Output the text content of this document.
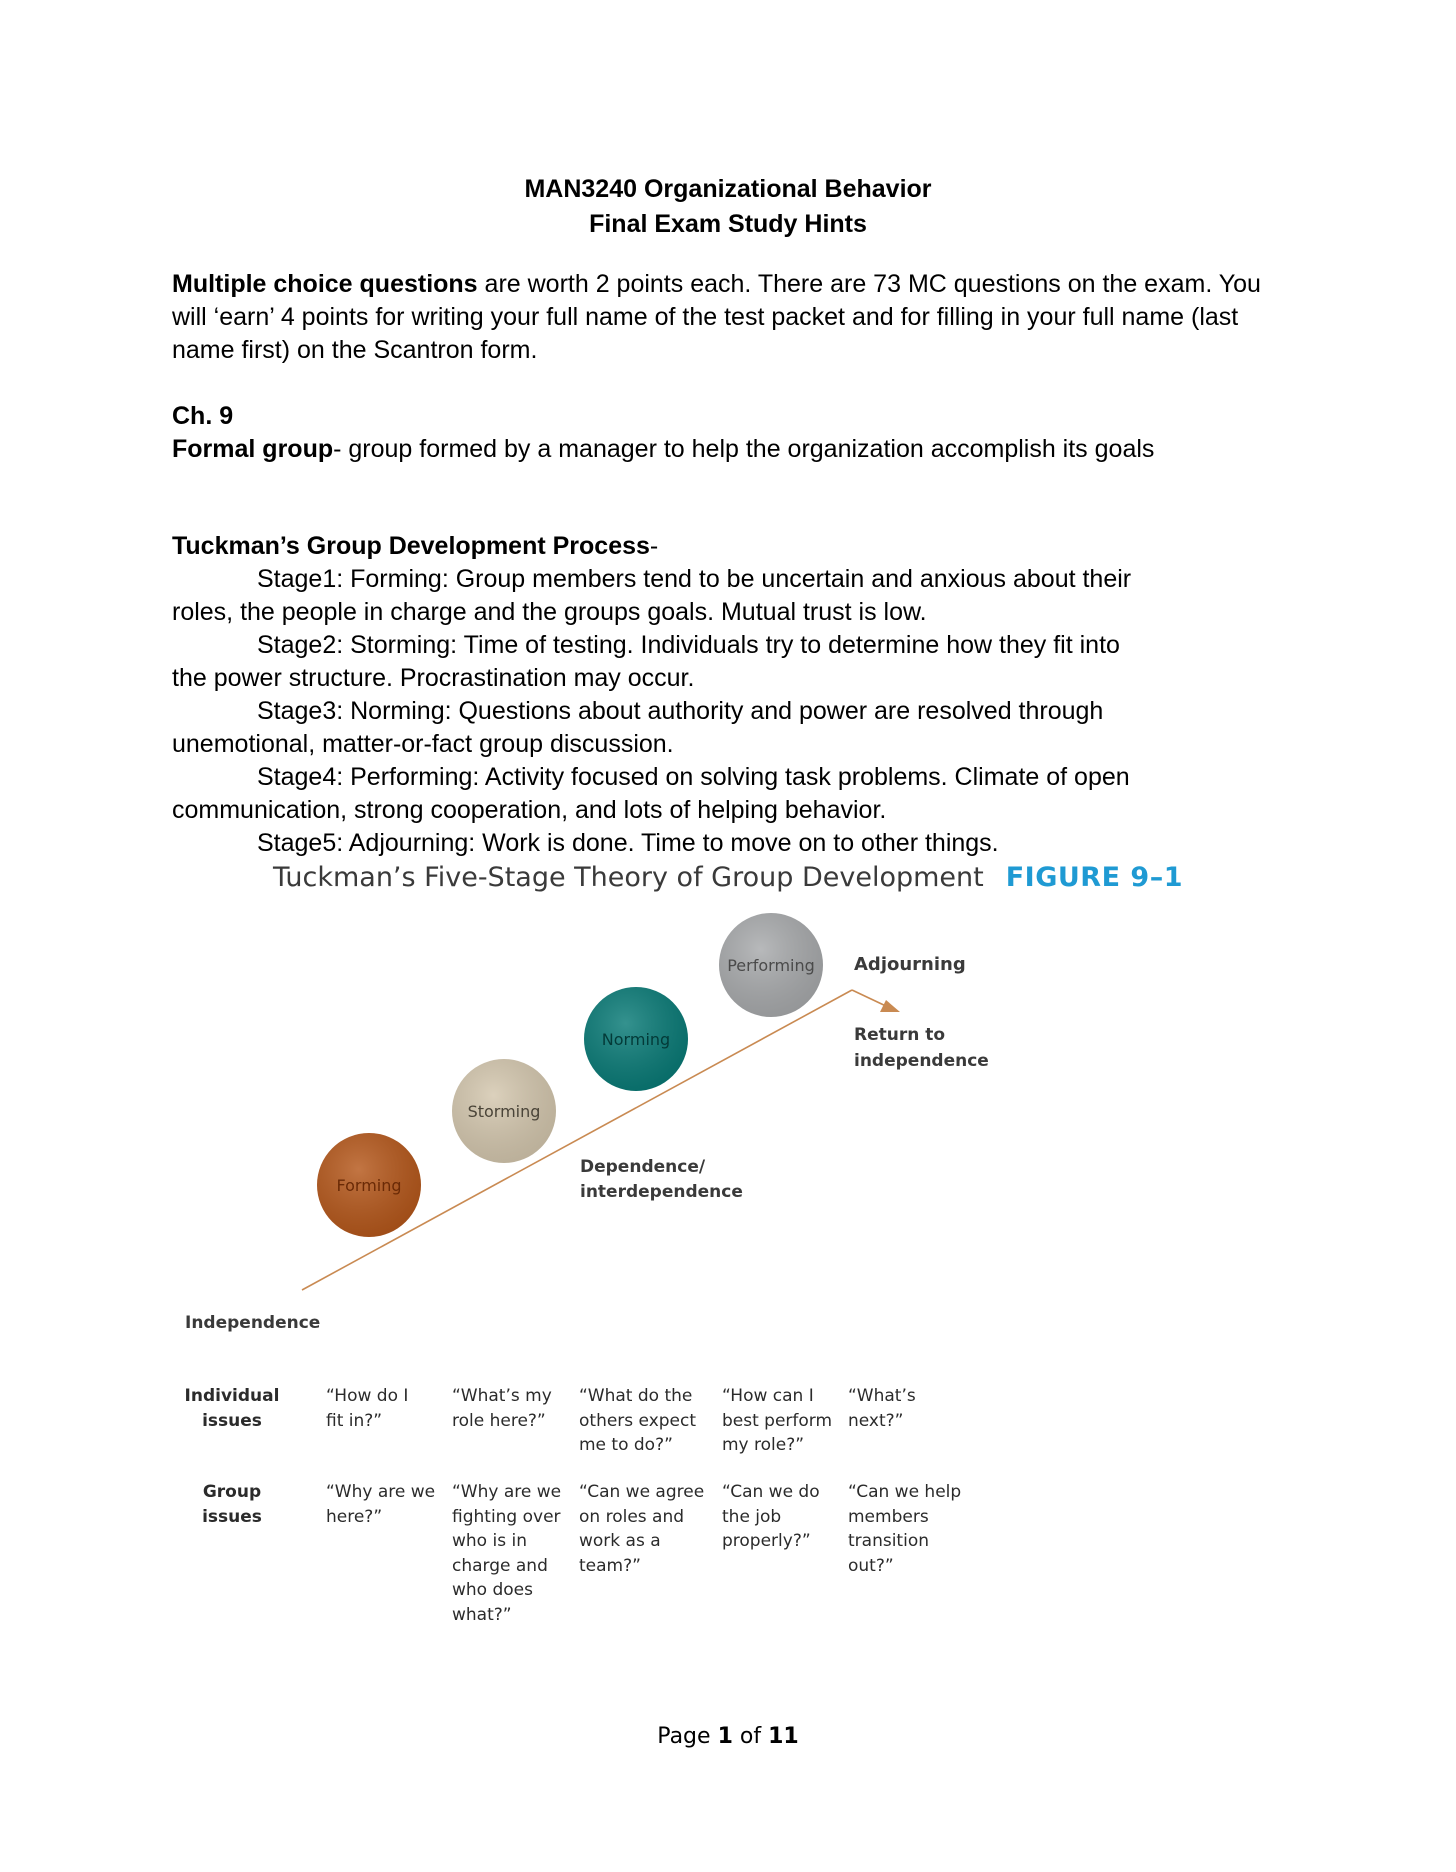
MAN3240 Organizational Behavior
Final Exam Study Hints
Multiple choice questions are worth 2 points each. There are 73 MC questions on the exam. You will ‘earn’ 4 points for writing your full name of the test packet and for filling in your full name (last name first) on the Scantron form.
Ch. 9
Formal group- group formed by a manager to help the organization accomplish its goals
Tuckman’s Group Development Process-
Stage1: Forming: Group members tend to be uncertain and anxious about their
roles, the people in charge and the groups goals. Mutual trust is low.
Stage2: Storming: Time of testing. Individuals try to determine how they fit into
the power structure. Procrastination may occur.
Stage3: Norming: Questions about authority and power are resolved through
unemotional, matter-or-fact group discussion.
Stage4: Performing: Activity focused on solving task problems. Climate of open
communication, strong cooperation, and lots of helping behavior.
Stage5: Adjourning: Work is done. Time to move on to other things.
Tuckman’s Five-Stage Theory of Group Development FIGURE 9–1
Forming
Storming
Norming
Performing Adjourning
Return to
independence
Dependence/
interdependence
Independence
Individual
issues
“How do I
fit in?”
“What’s my
role here?”
“What do the
others expect
me to do?”
“How can I
best perform
my role?”
“What’s
next?”
Group
issues
“Why are we
here?”
“Why are we
fighting over
who is in
charge and
who does
what?”
“Can we agree
on roles and
work as a
team?”
“Can we do
the job
properly?”
“Can we help
members
transition
out?”
Page 1 of 11
